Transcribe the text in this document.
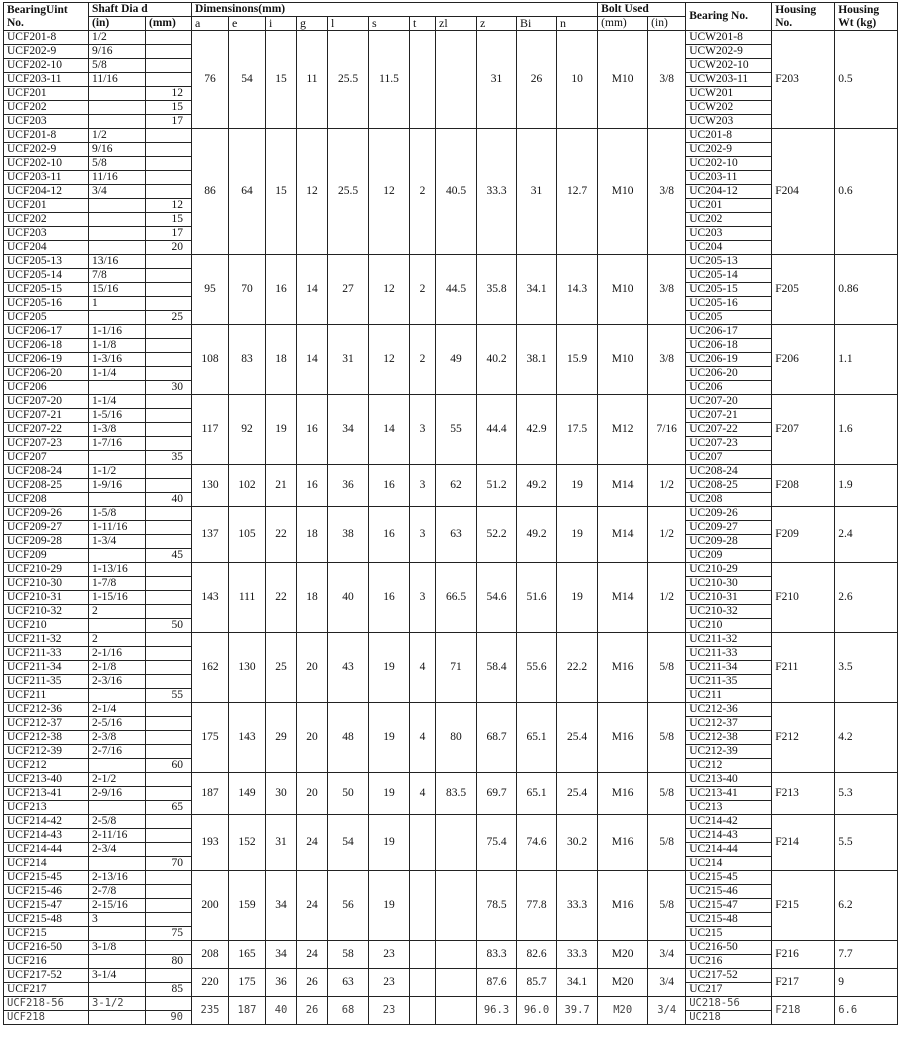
BearingUint No.	Shaft Dia d		Dimensinons(mm)											Bolt Used		Bearing No.	Housing No.	Housing Wt (kg)
			a	e	i	g	l	s	t	zl	z	Bi	n	(mm)	(in)			
	(in)	(mm)																
UCF201-8	1/2		76	54	15	11	25.5	11.5			31	26	10	M10	3/8	UCW201-8	F203	0.5
UCF202-9	9/16															UCW202-9		
UCF202-10	5/8															UCW202-10		
UCF203-11	11/16															UCW203-11		
UCF201		12														UCW201		
UCF202		15														UCW202		
UCF203		17														UCW203		
UCF201-8	1/2		86	64	15	12	25.5	12	2	40.5	33.3	31	12.7	M10	3/8	UC201-8	F204	0.6
UCF202-9	9/16															UC202-9		
UCF202-10	5/8															UC202-10		
UCF203-11	11/16															UC203-11		
UCF204-12	3/4															UC204-12		
UCF201		12														UC201		
UCF202		15														UC202		
UCF203		17														UC203		
UCF204		20														UC204		
UCF205-13	13/16		95	70	16	14	27	12	2	44.5	35.8	34.1	14.3	M10	3/8	UC205-13	F205	0.86
UCF205-14	7/8															UC205-14		
UCF205-15	15/16															UC205-15		
UCF205-16	1															UC205-16		
UCF205		25														UC205		
UCF206-17	1-1/16		108	83	18	14	31	12	2	49	40.2	38.1	15.9	M10	3/8	UC206-17	F206	1.1
UCF206-18	1-1/8															UC206-18		
UCF206-19	1-3/16															UC206-19		
UCF206-20	1-1/4															UC206-20		
UCF206		30														UC206		
UCF207-20	1-1/4		117	92	19	16	34	14	3	55	44.4	42.9	17.5	M12	7/16	UC207-20	F207	1.6
UCF207-21	1-5/16															UC207-21		
UCF207-22	1-3/8															UC207-22		
UCF207-23	1-7/16															UC207-23		
UCF207		35														UC207		
UCF208-24	1-1/2		130	102	21	16	36	16	3	62	51.2	49.2	19	M14	1/2	UC208-24	F208	1.9
UCF208-25	1-9/16															UC208-25		
UCF208		40														UC208		
UCF209-26	1-5/8		137	105	22	18	38	16	3	63	52.2	49.2	19	M14	1/2	UC209-26	F209	2.4
UCF209-27	1-11/16															UC209-27		
UCF209-28	1-3/4															UC209-28		
UCF209		45														UC209		
UCF210-29	1-13/16		143	111	22	18	40	16	3	66.5	54.6	51.6	19	M14	1/2	UC210-29	F210	2.6
UCF210-30	1-7/8															UC210-30		
UCF210-31	1-15/16															UC210-31		
UCF210-32	2															UC210-32		
UCF210		50														UC210		
UCF211-32	2		162	130	25	20	43	19	4	71	58.4	55.6	22.2	M16	5/8	UC211-32	F211	3.5
UCF211-33	2-1/16															UC211-33		
UCF211-34	2-1/8															UC211-34		
UCF211-35	2-3/16															UC211-35		
UCF211		55														UC211		
UCF212-36	2-1/4		175	143	29	20	48	19	4	80	68.7	65.1	25.4	M16	5/8	UC212-36	F212	4.2
UCF212-37	2-5/16															UC212-37		
UCF212-38	2-3/8															UC212-38		
UCF212-39	2-7/16															UC212-39		
UCF212		60														UC212		
UCF213-40	2-1/2		187	149	30	20	50	19	4	83.5	69.7	65.1	25.4	M16	5/8	UC213-40	F213	5.3
UCF213-41	2-9/16															UC213-41		
UCF213		65														UC213		
UCF214-42	2-5/8		193	152	31	24	54	19			75.4	74.6	30.2	M16	5/8	UC214-42	F214	5.5
UCF214-43	2-11/16															UC214-43		
UCF214-44	2-3/4															UC214-44		
UCF214		70														UC214		
UCF215-45	2-13/16		200	159	34	24	56	19			78.5	77.8	33.3	M16	5/8	UC215-45	F215	6.2
UCF215-46	2-7/8															UC215-46		
UCF215-47	2-15/16															UC215-47		
UCF215-48	3															UC215-48		
UCF215		75														UC215		
UCF216-50	3-1/8		208	165	34	24	58	23			83.3	82.6	33.3	M20	3/4	UC216-50	F216	7.7
UCF216		80														UC216		
UCF217-52	3-1/4		220	175	36	26	63	23			87.6	85.7	34.1	M20	3/4	UC217-52	F217	9
UCF217		85														UC217		
UCF218-56	3-1/2		235	187	40	26	68	23			96.3	96.0	39.7	M20	3/4	UC218-56	F218	6.6
UCF218		90														UC218		
